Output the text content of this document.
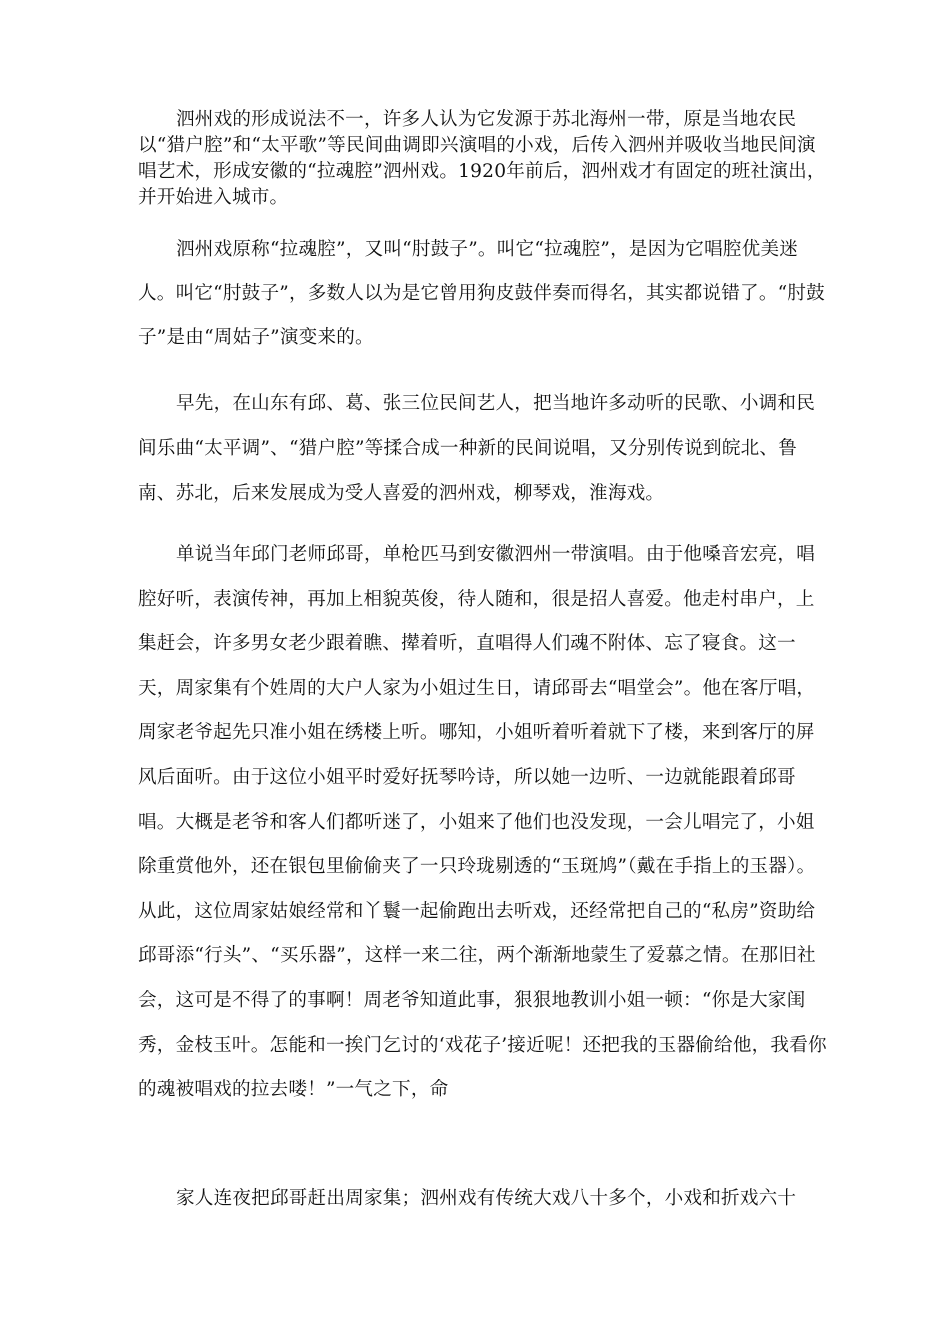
泗州戏的形成说法不一，许多人认为它发源于苏北海州一带，原是当地农民以“猎户腔”和“太平歌”等民间曲调即兴演唱的小戏，后传入泗州并吸收当地民间演唱艺术，形成安徽的“拉魂腔”泗州戏。1920年前后，泗州戏才有固定的班社演出，并开始进入城市。

泗州戏原称“拉魂腔”，又叫“肘鼓子”。叫它“拉魂腔”，是因为它唱腔优美迷人。叫它“肘鼓子”，多数人以为是它曾用狗皮鼓伴奏而得名，其实都说错了。“肘鼓子”是由“周姑子”演变来的。

早先，在山东有邱、葛、张三位民间艺人，把当地许多动听的民歌、小调和民间乐曲“太平调”、“猎户腔”等揉合成一种新的民间说唱，又分别传说到皖北、鲁南、苏北，后来发展成为受人喜爱的泗州戏，柳琴戏，淮海戏。

单说当年邱门老师邱哥，单枪匹马到安徽泗州一带演唱。由于他嗓音宏亮，唱腔好听，表演传神，再加上相貌英俊，待人随和，很是招人喜爱。他走村串户，上集赶会，许多男女老少跟着瞧、撵着听，直唱得人们魂不附体、忘了寝食。这一天，周家集有个姓周的大户人家为小姐过生日，请邱哥去“唱堂会”。他在客厅唱，周家老爷起先只准小姐在绣楼上听。哪知，小姐听着听着就下了楼，来到客厅的屏风后面听。由于这位小姐平时爱好抚琴吟诗，所以她一边听、一边就能跟着邱哥唱。大概是老爷和客人们都听迷了，小姐来了他们也没发现，一会儿唱完了，小姐除重赏他外，还在银包里偷偷夹了一只玲珑剔透的“玉斑鸠”（戴在手指上的玉器）。从此，这位周家姑娘经常和丫鬟一起偷跑出去听戏，还经常把自己的“私房”资助给邱哥添“行头”、“买乐器”，这样一来二往，两个渐渐地蒙生了爱慕之情。在那旧社会，这可是不得了的事啊！周老爷知道此事，狠狠地教训小姐一顿：“你是大家闺秀，金枝玉叶。怎能和一挨门乞讨的‘戏花子’接近呢！还把我的玉器偷给他，我看你的魂被唱戏的拉去喽！”一气之下，命

家人连夜把邱哥赶出周家集；泗州戏有传统大戏八十多个，小戏和折戏六十
